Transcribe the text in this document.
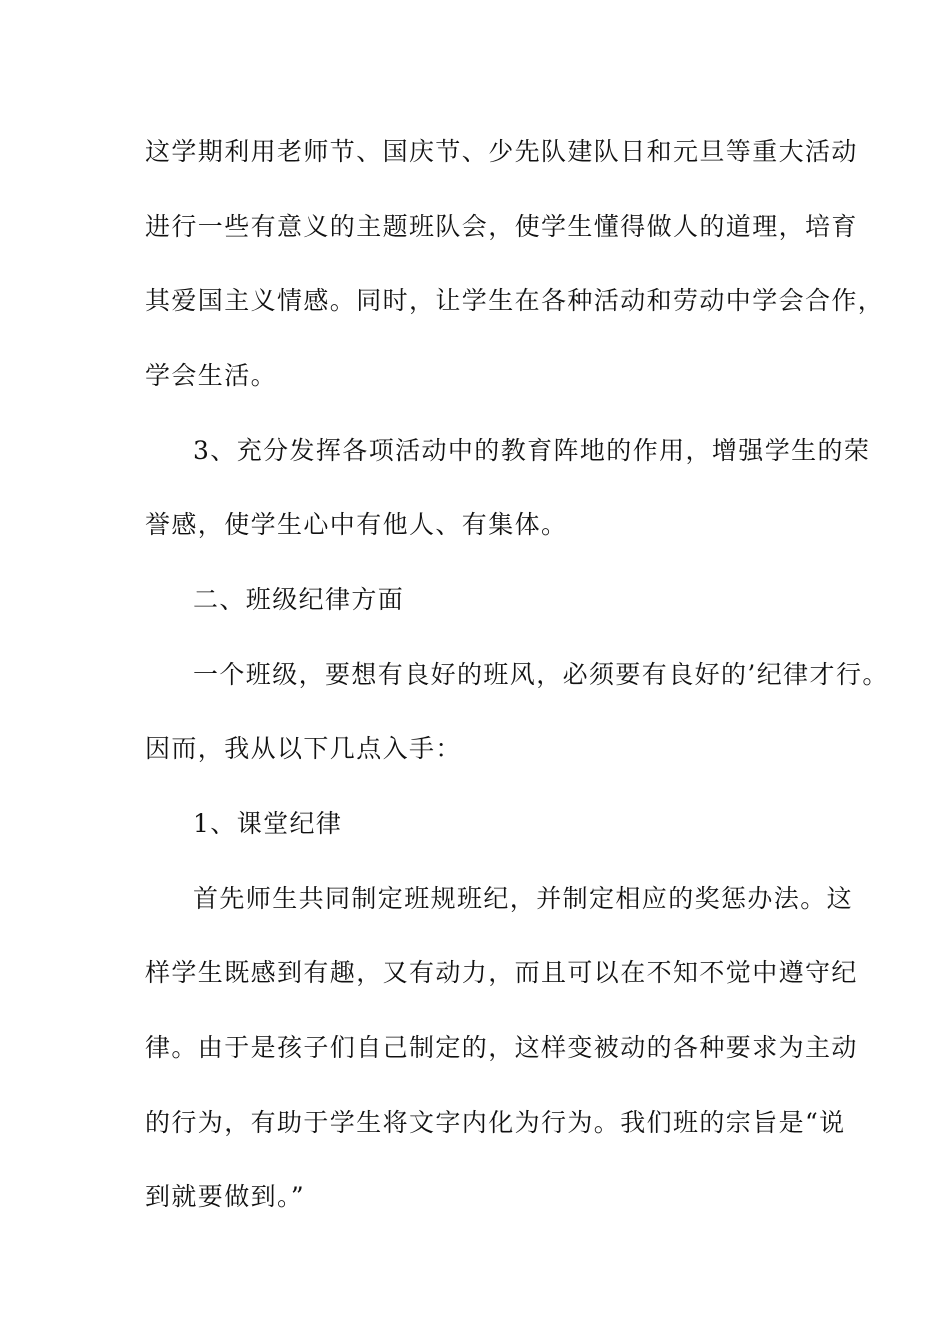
这学期利用老师节、国庆节、少先队建队日和元旦等重大活动
进行一些有意义的主题班队会，使学生懂得做人的道理，培育
其爱国主义情感。同时，让学生在各种活动和劳动中学会合作，
学会生活。
3、充分发挥各项活动中的教育阵地的作用，增强学生的荣
誉感，使学生心中有他人、有集体。
二、班级纪律方面
一个班级，要想有良好的班风，必须要有良好的’纪律才行。
因而，我从以下几点入手：
1、课堂纪律
首先师生共同制定班规班纪，并制定相应的奖惩办法。这
样学生既感到有趣，又有动力，而且可以在不知不觉中遵守纪
律。由于是孩子们自己制定的，这样变被动的各种要求为主动
的行为，有助于学生将文字内化为行为。我们班的宗旨是“说
到就要做到。”
